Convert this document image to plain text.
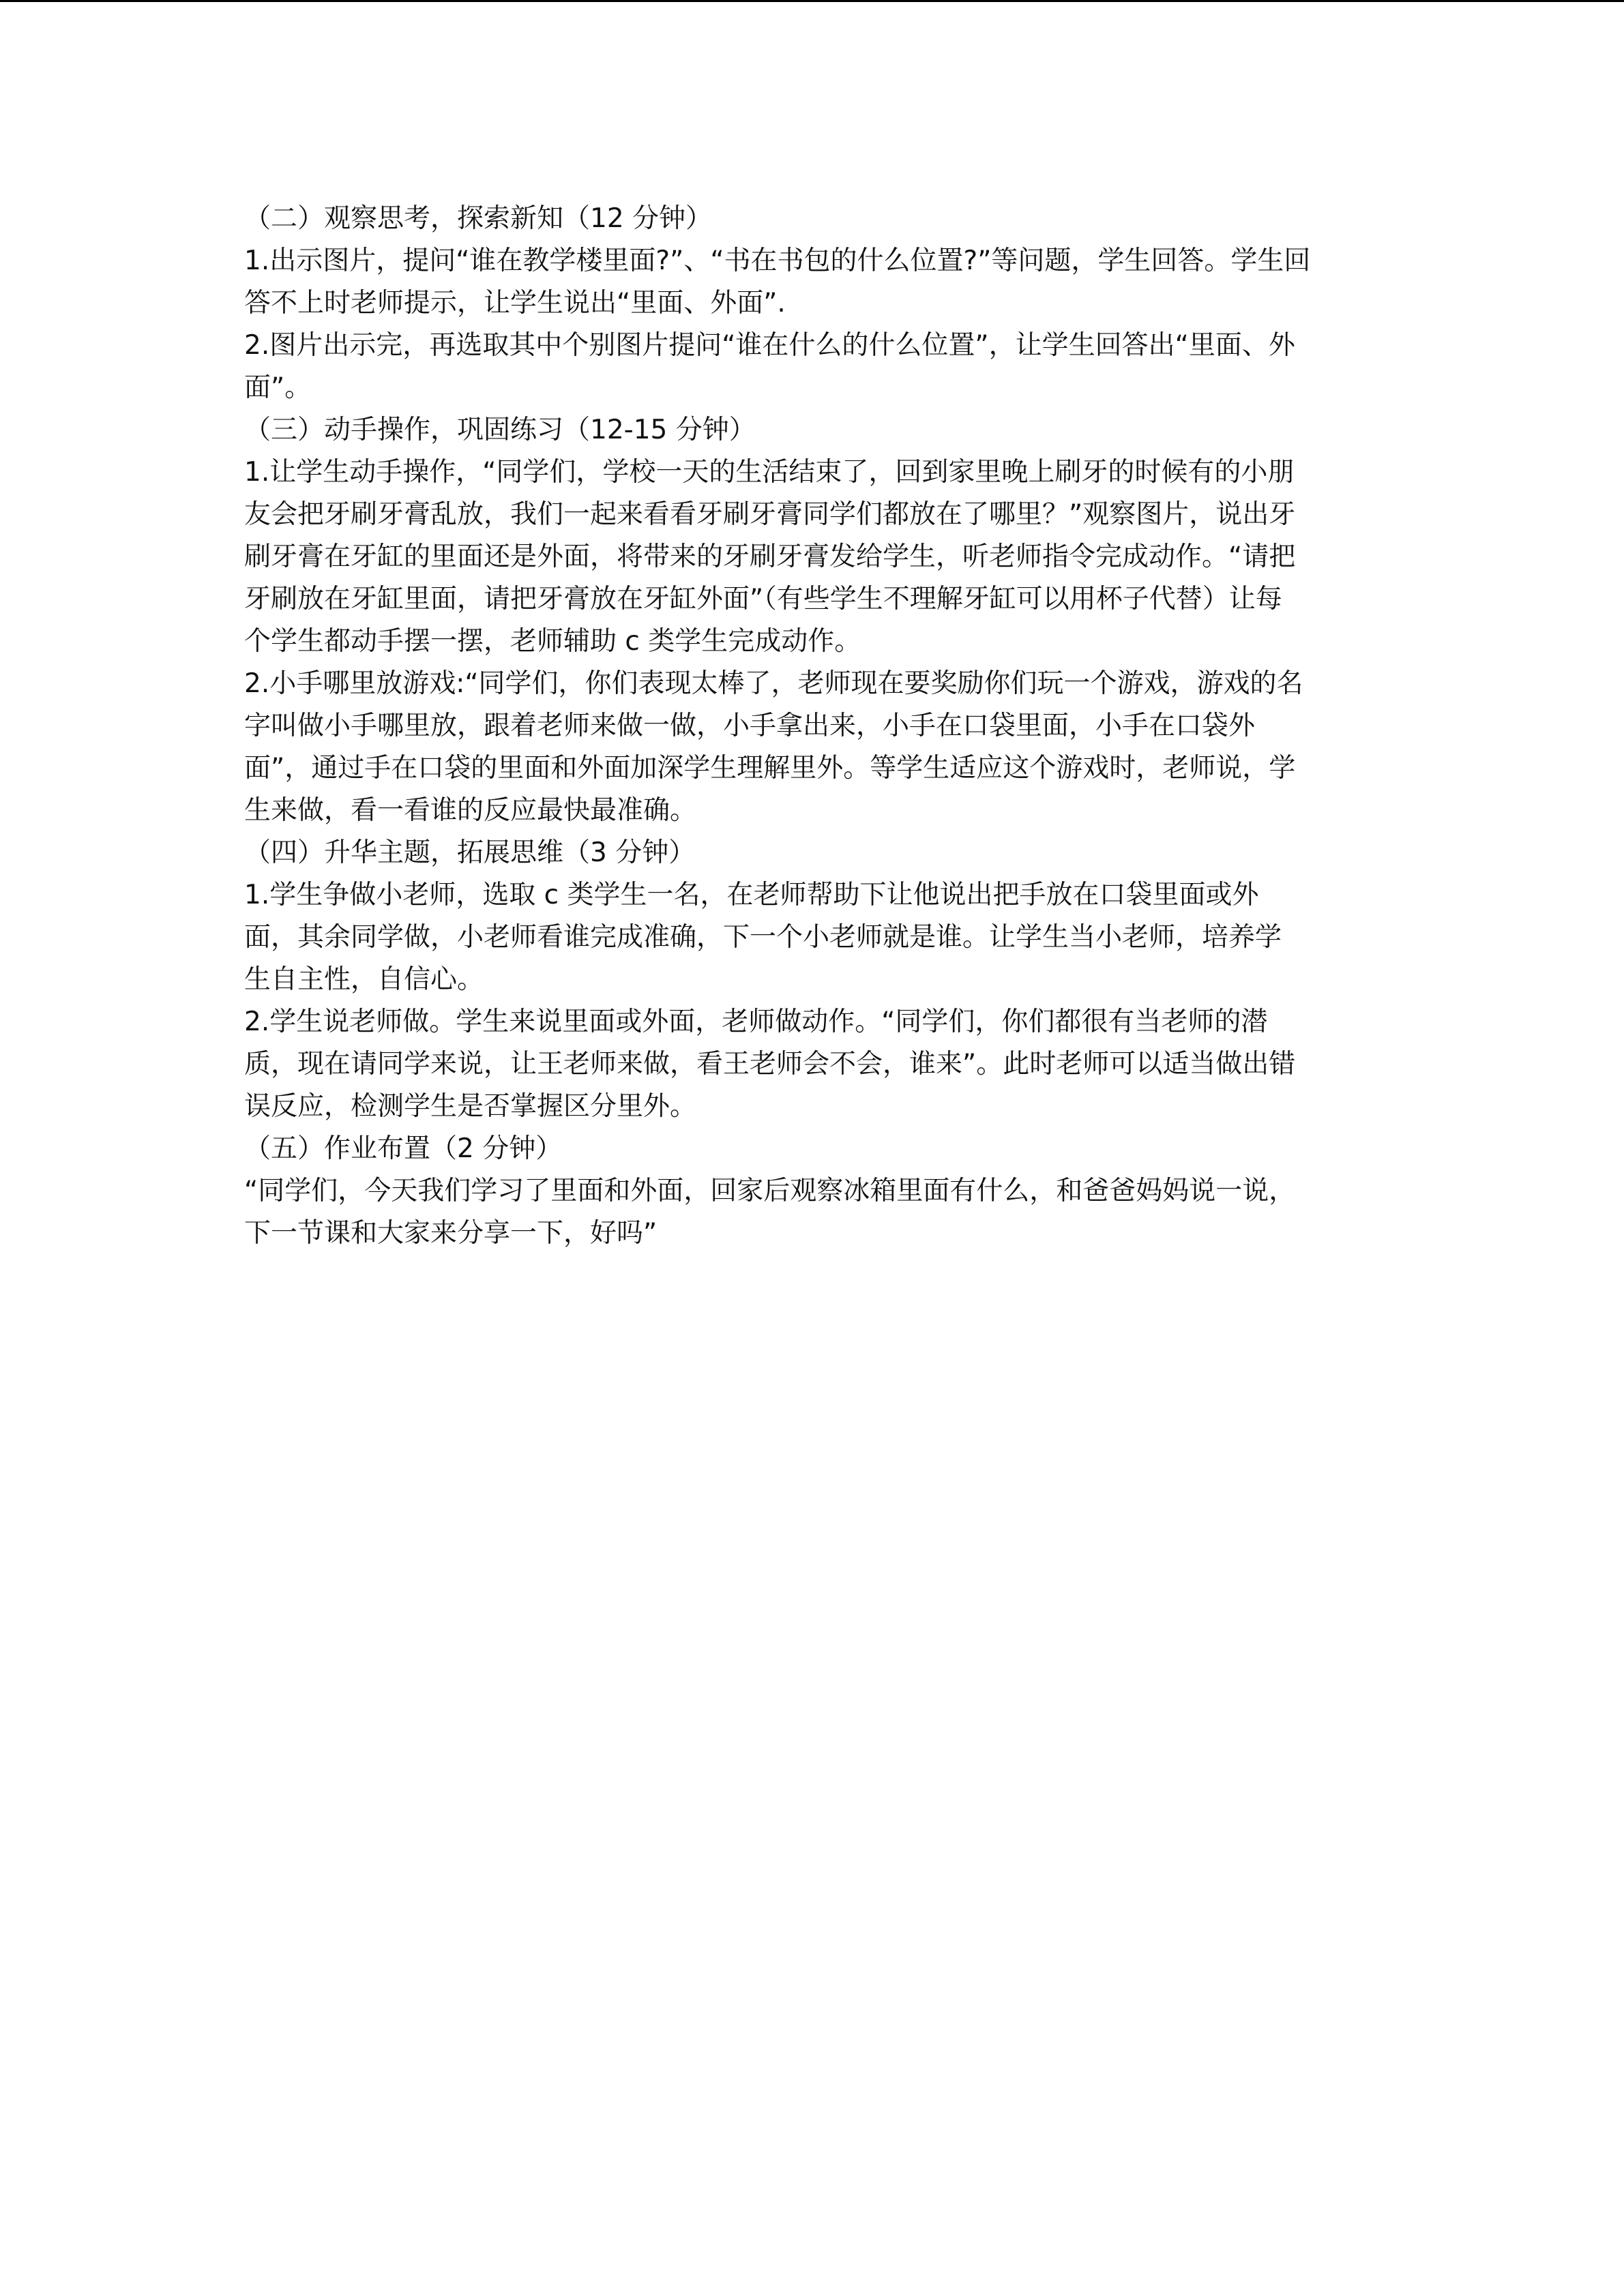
（二）观察思考，探索新知（12 分钟）

1.出示图片，提问“谁在教学楼里面?”、“书在书包的什么位置?”等问题，学生回答。学生回

答不上时老师提示，让学生说出“里面、外面”.

2.图片出示完，再选取其中个别图片提问“谁在什么的什么位置”，让学生回答出“里面、外

面”。

（三）动手操作，巩固练习（12-15 分钟）

1.让学生动手操作，“同学们，学校一天的生活结束了，回到家里晚上刷牙的时候有的小朋

友会把牙刷牙膏乱放，我们一起来看看牙刷牙膏同学们都放在了哪里？”观察图片，说出牙

刷牙膏在牙缸的里面还是外面，将带来的牙刷牙膏发给学生，听老师指令完成动作。“请把

牙刷放在牙缸里面，请把牙膏放在牙缸外面”（有些学生不理解牙缸可以用杯子代替）让每

个学生都动手摆一摆，老师辅助 c 类学生完成动作。

2.小手哪里放游戏:“同学们，你们表现太棒了，老师现在要奖励你们玩一个游戏，游戏的名

字叫做小手哪里放，跟着老师来做一做，小手拿出来，小手在口袋里面，小手在口袋外

面”，通过手在口袋的里面和外面加深学生理解里外。等学生适应这个游戏时，老师说，学

生来做，看一看谁的反应最快最准确。

（四）升华主题，拓展思维（3 分钟）

1.学生争做小老师，选取 c 类学生一名，在老师帮助下让他说出把手放在口袋里面或外

面，其余同学做，小老师看谁完成准确，下一个小老师就是谁。让学生当小老师，培养学

生自主性，自信心。

2.学生说老师做。学生来说里面或外面，老师做动作。“同学们，你们都很有当老师的潜

质，现在请同学来说，让王老师来做，看王老师会不会，谁来”。此时老师可以适当做出错

误反应，检测学生是否掌握区分里外。

（五）作业布置（2 分钟）

“同学们，今天我们学习了里面和外面，回家后观察冰箱里面有什么，和爸爸妈妈说一说，

下一节课和大家来分享一下，好吗”
